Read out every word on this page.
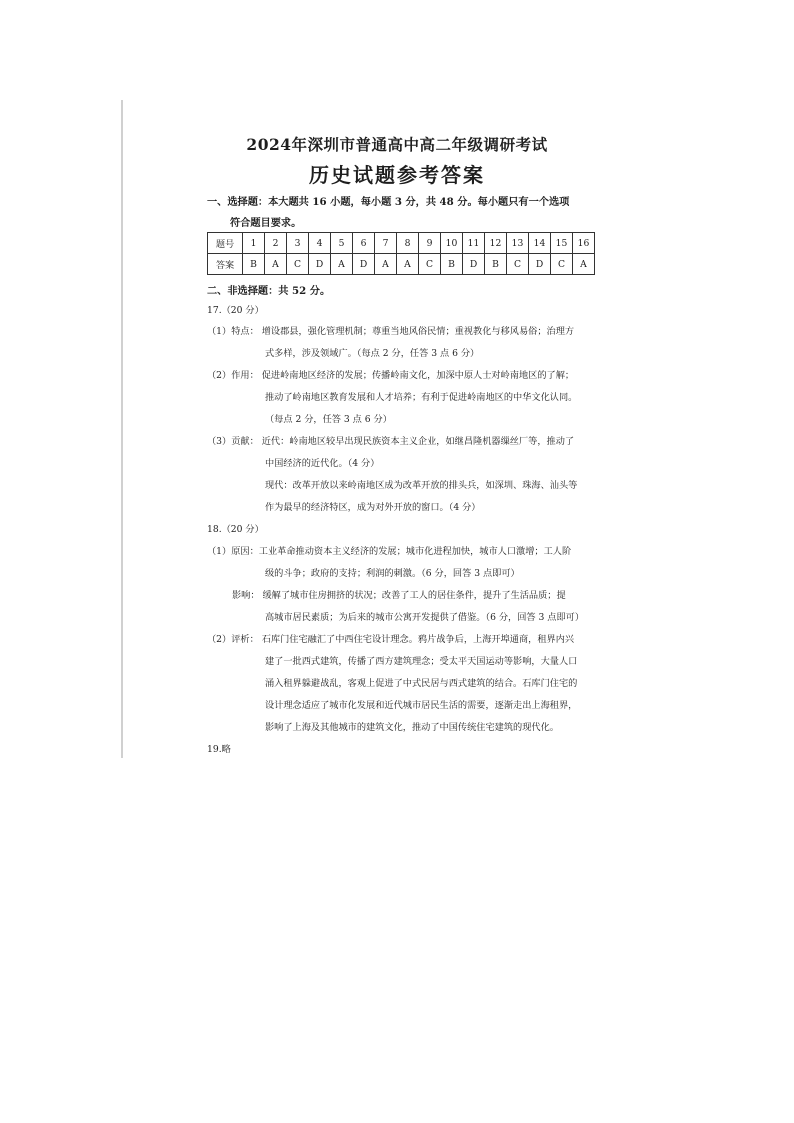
2024年深圳市普通高中高二年级调研考试
历史试题参考答案
一、选择题：本大题共 16 小题，每小题 3 分，共 48 分。每小题只有一个选项
符合题目要求。
题号	1	2	3	4	5	6	7	8	9	10	11	12	13	14	15	16
答案	B	A	C	D	A	D	A	A	C	B	D	B	C	D	C	A
二、非选择题：共 52 分。
17.（20 分）
（1）特点： 增设郡县，强化管理机制；尊重当地风俗民情；重视教化与移风易俗；治理方
式多样，涉及领域广。（每点 2 分，任答 3 点 6 分）
（2）作用： 促进岭南地区经济的发展；传播岭南文化，加深中原人士对岭南地区的了解；
推动了岭南地区教育发展和人才培养；有利于促进岭南地区的中华文化认同。
（每点 2 分，任答 3 点 6 分）
（3）贡献： 近代：岭南地区较早出现民族资本主义企业，如继昌隆机器缫丝厂等，推动了
中国经济的近代化。（4 分）
现代：改革开放以来岭南地区成为改革开放的排头兵，如深圳、珠海、汕头等
作为最早的经济特区，成为对外开放的窗口。（4 分）
18.（20 分）
（1）原因：工业革命推动资本主义经济的发展；城市化进程加快，城市人口激增；工人阶
级的斗争；政府的支持；利润的刺激。（6 分，回答 3 点即可）
影响： 缓解了城市住房拥挤的状况；改善了工人的居住条件，提升了生活品质；提
高城市居民素质；为后来的城市公寓开发提供了借鉴。（6 分，回答 3 点即可）
（2）评析： 石库门住宅融汇了中西住宅设计理念。鸦片战争后，上海开埠通商，租界内兴
建了一批西式建筑，传播了西方建筑理念；受太平天国运动等影响，大量人口
涌入租界躲避战乱，客观上促进了中式民居与西式建筑的结合。石库门住宅的
设计理念适应了城市化发展和近代城市居民生活的需要，逐渐走出上海租界，
影响了上海及其他城市的建筑文化，推动了中国传统住宅建筑的现代化。
19.略
